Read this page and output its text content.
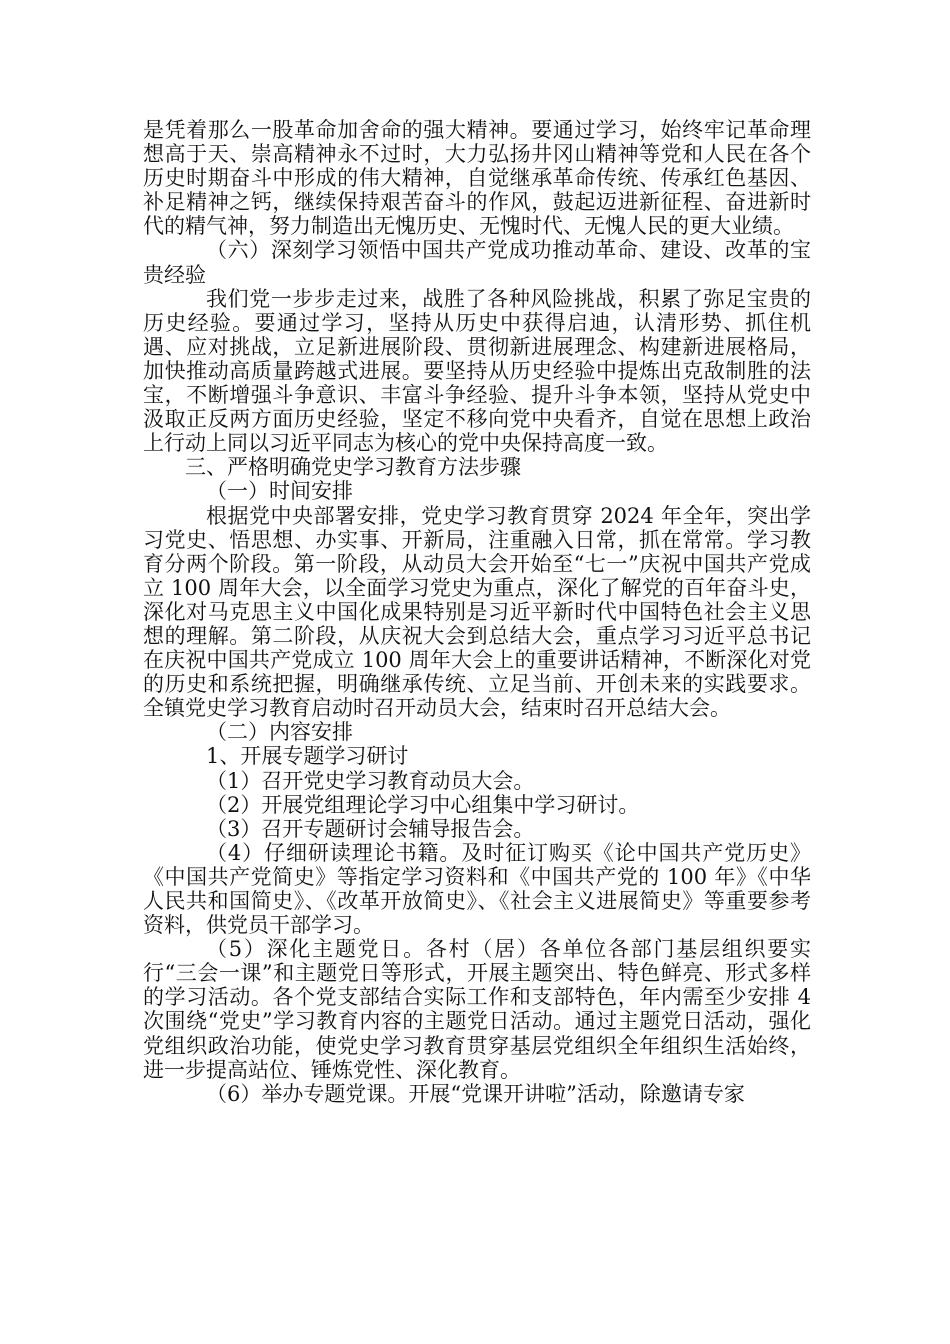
是凭着那么一股革命加舍命的强大精神。要通过学习，始终牢记革命理想高于天、崇高精神永不过时，大力弘扬井冈山精神等党和人民在各个历史时期奋斗中形成的伟大精神，自觉继承革命传统、传承红色基因、补足精神之钙，继续保持艰苦奋斗的作风，鼓起迈进新征程、奋进新时代的精气神，努力制造出无愧历史、无愧时代、无愧人民的更大业绩。

（六）深刻学习领悟中国共产党成功推动革命、建设、改革的宝贵经验

我们党一步步走过来，战胜了各种风险挑战，积累了弥足宝贵的历史经验。要通过学习，坚持从历史中获得启迪，认清形势、抓住机遇、应对挑战，立足新进展阶段、贯彻新进展理念、构建新进展格局，加快推动高质量跨越式进展。要坚持从历史经验中提炼出克敌制胜的法宝，不断增强斗争意识、丰富斗争经验、提升斗争本领，坚持从党史中汲取正反两方面历史经验，坚定不移向党中央看齐，自觉在思想上政治上行动上同以习近平同志为核心的党中央保持高度一致。

三、严格明确党史学习教育方法步骤

（一）时间安排

根据党中央部署安排，党史学习教育贯穿 2024 年全年，突出学习党史、悟思想、办实事、开新局，注重融入日常，抓在常常。学习教育分两个阶段。第一阶段，从动员大会开始至“七一”庆祝中国共产党成立 100 周年大会，以全面学习党史为重点，深化了解党的百年奋斗史，深化对马克思主义中国化成果特别是习近平新时代中国特色社会主义思想的理解。第二阶段，从庆祝大会到总结大会，重点学习习近平总书记在庆祝中国共产党成立 100 周年大会上的重要讲话精神，不断深化对党的历史和系统把握，明确继承传统、立足当前、开创未来的实践要求。全镇党史学习教育启动时召开动员大会，结束时召开总结大会。

（二）内容安排

1、开展专题学习研讨

（1）召开党史学习教育动员大会。

（2）开展党组理论学习中心组集中学习研讨。

（3）召开专题研讨会辅导报告会。

（4）仔细研读理论书籍。及时征订购买《论中国共产党历史》《中国共产党简史》等指定学习资料和《中国共产党的 100 年》《中华人民共和国简史》、《改革开放简史》、《社会主义进展简史》等重要参考资料，供党员干部学习。

（5）深化主题党日。各村（居）各单位各部门基层组织要实行“三会一课”和主题党日等形式，开展主题突出、特色鲜亮、形式多样的学习活动。各个党支部结合实际工作和支部特色，年内需至少安排 4 次围绕“党史”学习教育内容的主题党日活动。通过主题党日活动，强化党组织政治功能，使党史学习教育贯穿基层党组织全年组织生活始终，进一步提高站位、锤炼党性、深化教育。

（6）举办专题党课。开展“党课开讲啦”活动，除邀请专家
